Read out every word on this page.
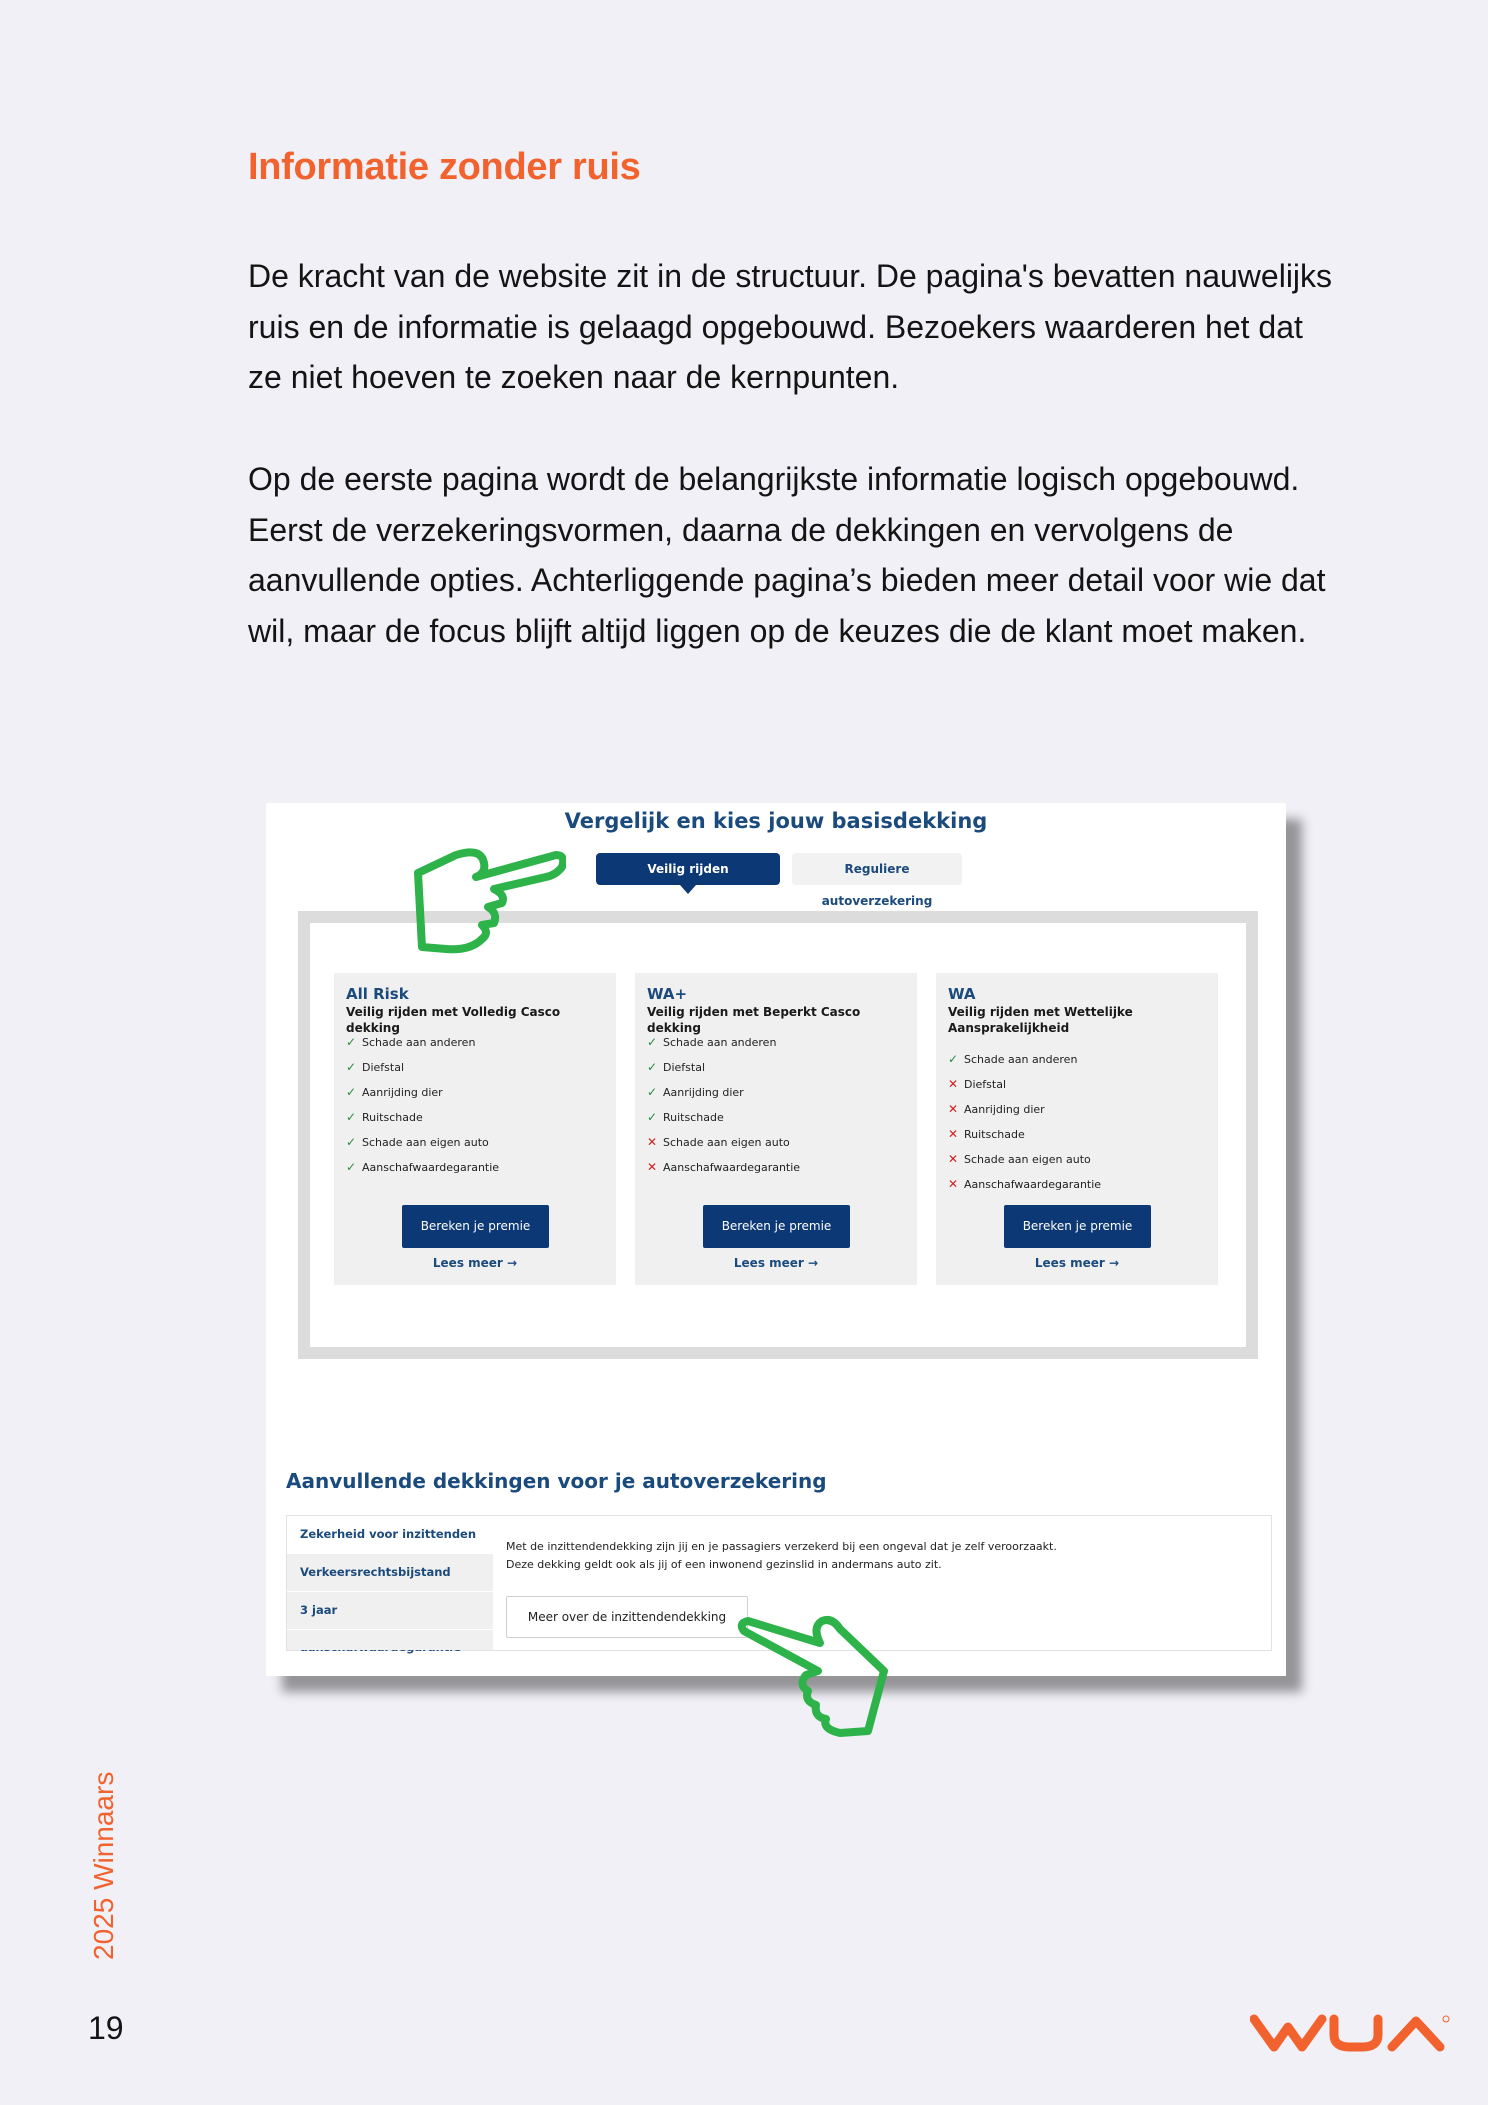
Informatie zonder ruis

De kracht van de website zit in de structuur. De pagina's bevatten nauwelijks ruis en de informatie is gelaagd opgebouwd. Bezoekers waarderen het dat ze niet hoeven te zoeken naar de kernpunten.

Op de eerste pagina wordt de belangrijkste informatie logisch opgebouwd. Eerst de verzekeringsvormen, daarna de dekkingen en vervolgens de aanvullende opties. Achterliggende pagina’s bieden meer detail voor wie dat wil, maar de focus blijft altijd liggen op de keuzes die de klant moet maken.

Vergelijk en kies jouw basisdekking
Veilig rijden autoverzekering
Reguliere autoverzekering
All Risk

Veilig rijden met Volledig Casco dekking

✓ Schade aan anderen
✓ Diefstal
✓ Aanrijding dier
✓ Ruitschade
✓ Schade aan eigen auto
✓ Aanschafwaardegarantie
Bereken je premie
Lees meer →
WA+

Veilig rijden met Beperkt Casco dekking

✓ Schade aan anderen
✓ Diefstal
✓ Aanrijding dier
✓ Ruitschade
✕ Schade aan eigen auto
✕ Aanschafwaardegarantie
Bereken je premie
Lees meer →
WA

Veilig rijden met Wettelijke Aansprakelijkheid

✓ Schade aan anderen
✕ Diefstal
✕ Aanrijding dier
✕ Ruitschade
✕ Schade aan eigen auto
✕ Aanschafwaardegarantie
Bereken je premie
Lees meer →
Aanvullende dekkingen voor je autoverzekering
Zekerheid voor inzittenden
Verkeersrechtsbijstand
3 jaar

Met de inzittendendekking zijn jij en je passagiers verzekerd bij een ongeval dat je zelf veroorzaakt.
Deze dekking geldt ook als jij of een inwonend gezinslid in andermans auto zit.

Meer over de inzittendendekking
2025 Winnaars
19
